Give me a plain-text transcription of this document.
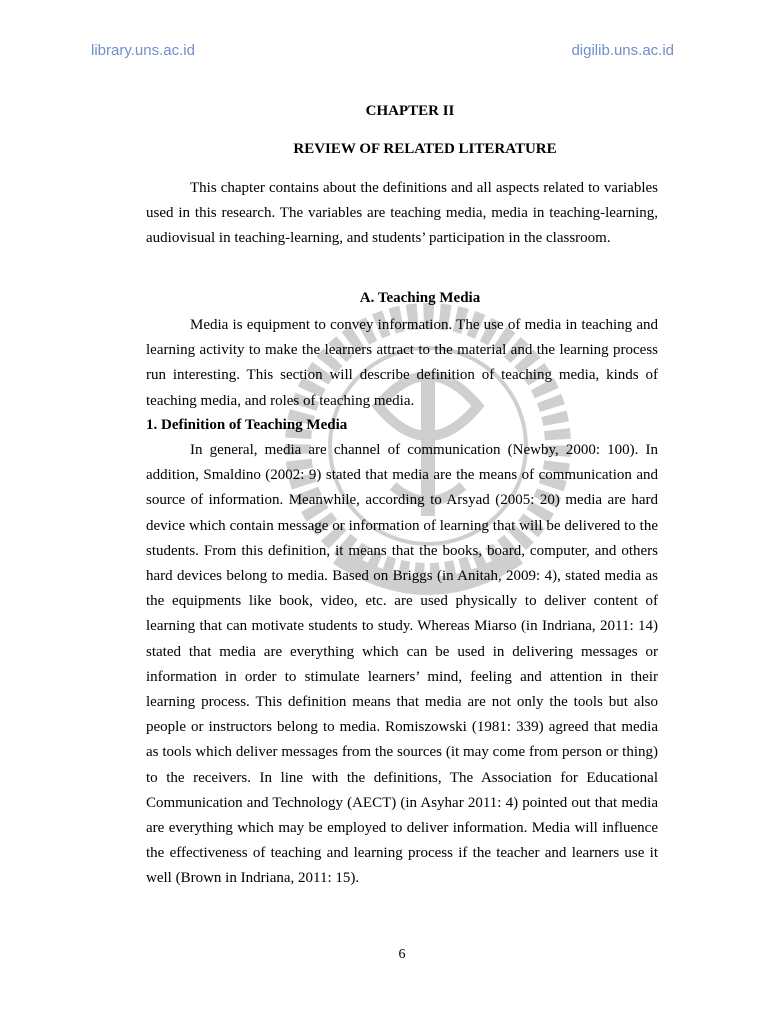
library.uns.ac.id	digilib.uns.ac.id
CHAPTER II
REVIEW OF RELATED LITERATURE
This chapter contains about the definitions and all aspects related to variables used in this research. The variables are teaching media, media in teaching-learning, audiovisual in teaching-learning, and students’ participation in the classroom.
A. Teaching Media
Media is equipment to convey information. The use of media in teaching and learning activity to make the learners attract to the material and the learning process run interesting. This section will describe definition of teaching media, kinds of teaching media, and roles of teaching media.
1. Definition of Teaching Media
In general, media are channel of communication (Newby, 2000: 100). In addition, Smaldino (2002: 9) stated that media are the means of communication and source of information. Meanwhile, according to Arsyad (2005: 20) media are hard device which contain message or information of learning that will be delivered to the students. From this definition, it means that the books, board, computer, and others hard devices belong to media. Based on Briggs (in Anitah, 2009: 4), stated media as the equipments like book, video, etc. are used physically to deliver content of learning that can motivate students to study. Whereas Miarso (in Indriana, 2011: 14) stated that media are everything which can be used in delivering messages or information in order to stimulate learners’ mind, feeling and attention in their learning process. This definition means that media are not only the tools but also people or instructors belong to media. Romiszowski (1981: 339) agreed that media as tools which deliver messages from the sources (it may come from person or thing) to the receivers. In line with the definitions, The Association for Educational Communication and Technology (AECT) (in Asyhar 2011: 4) pointed out that media are everything which may be employed to deliver information. Media will influence the effectiveness of teaching and learning process if the teacher and learners use it well (Brown in Indriana, 2011: 15).
6
